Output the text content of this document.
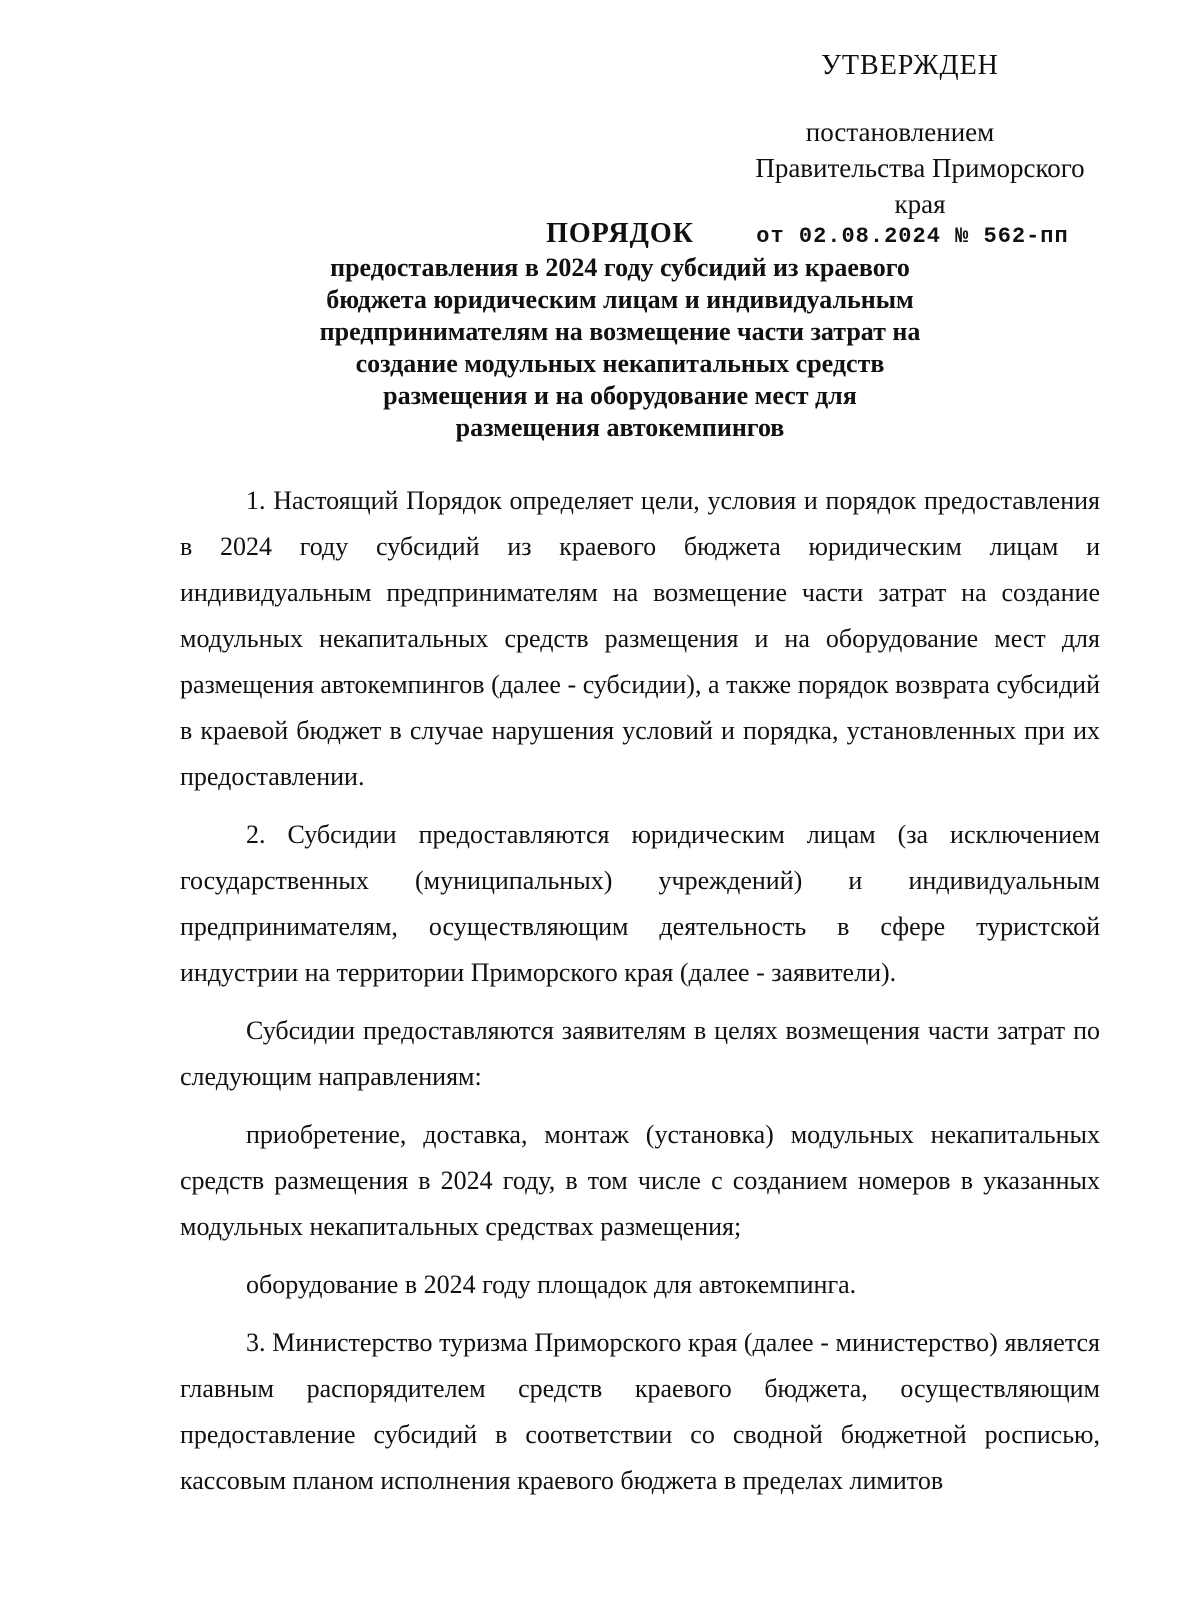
УТВЕРЖДЕН
постановлением
Правительства Приморского края
от 02.08.2024 № 562-пп
ПОРЯДОК
предоставления в 2024 году субсидий из краевого
бюджета юридическим лицам и индивидуальным
предпринимателям на возмещение части затрат на
создание модульных некапитальных средств
размещения и на оборудование мест для
размещения автокемпингов

1. Настоящий Порядок определяет цели, условия и порядок предоставления в 2024 году субсидий из краевого бюджета юридическим лицам и индивидуальным предпринимателям на возмещение части затрат на создание модульных некапитальных средств размещения и на оборудование мест для размещения автокемпингов (далее - субсидии), а также порядок возврата субсидий в краевой бюджет в случае нарушения условий и порядка, установленных при их предоставлении.

2. Субсидии предоставляются юридическим лицам (за исключением государственных (муниципальных) учреждений) и индивидуальным предпринимателям, осуществляющим деятельность в сфере туристской индустрии на территории Приморского края (далее - заявители).

Субсидии предоставляются заявителям в целях возмещения части затрат по следующим направлениям:

приобретение, доставка, монтаж (установка) модульных некапитальных средств размещения в 2024 году, в том числе с созданием номеров в указанных модульных некапитальных средствах размещения;

оборудование в 2024 году площадок для автокемпинга.

3. Министерство туризма Приморского края (далее - министерство) является главным распорядителем средств краевого бюджета, осуществляющим предоставление субсидий в соответствии со сводной бюджетной росписью, кассовым планом исполнения краевого бюджета в пределах лимитов
